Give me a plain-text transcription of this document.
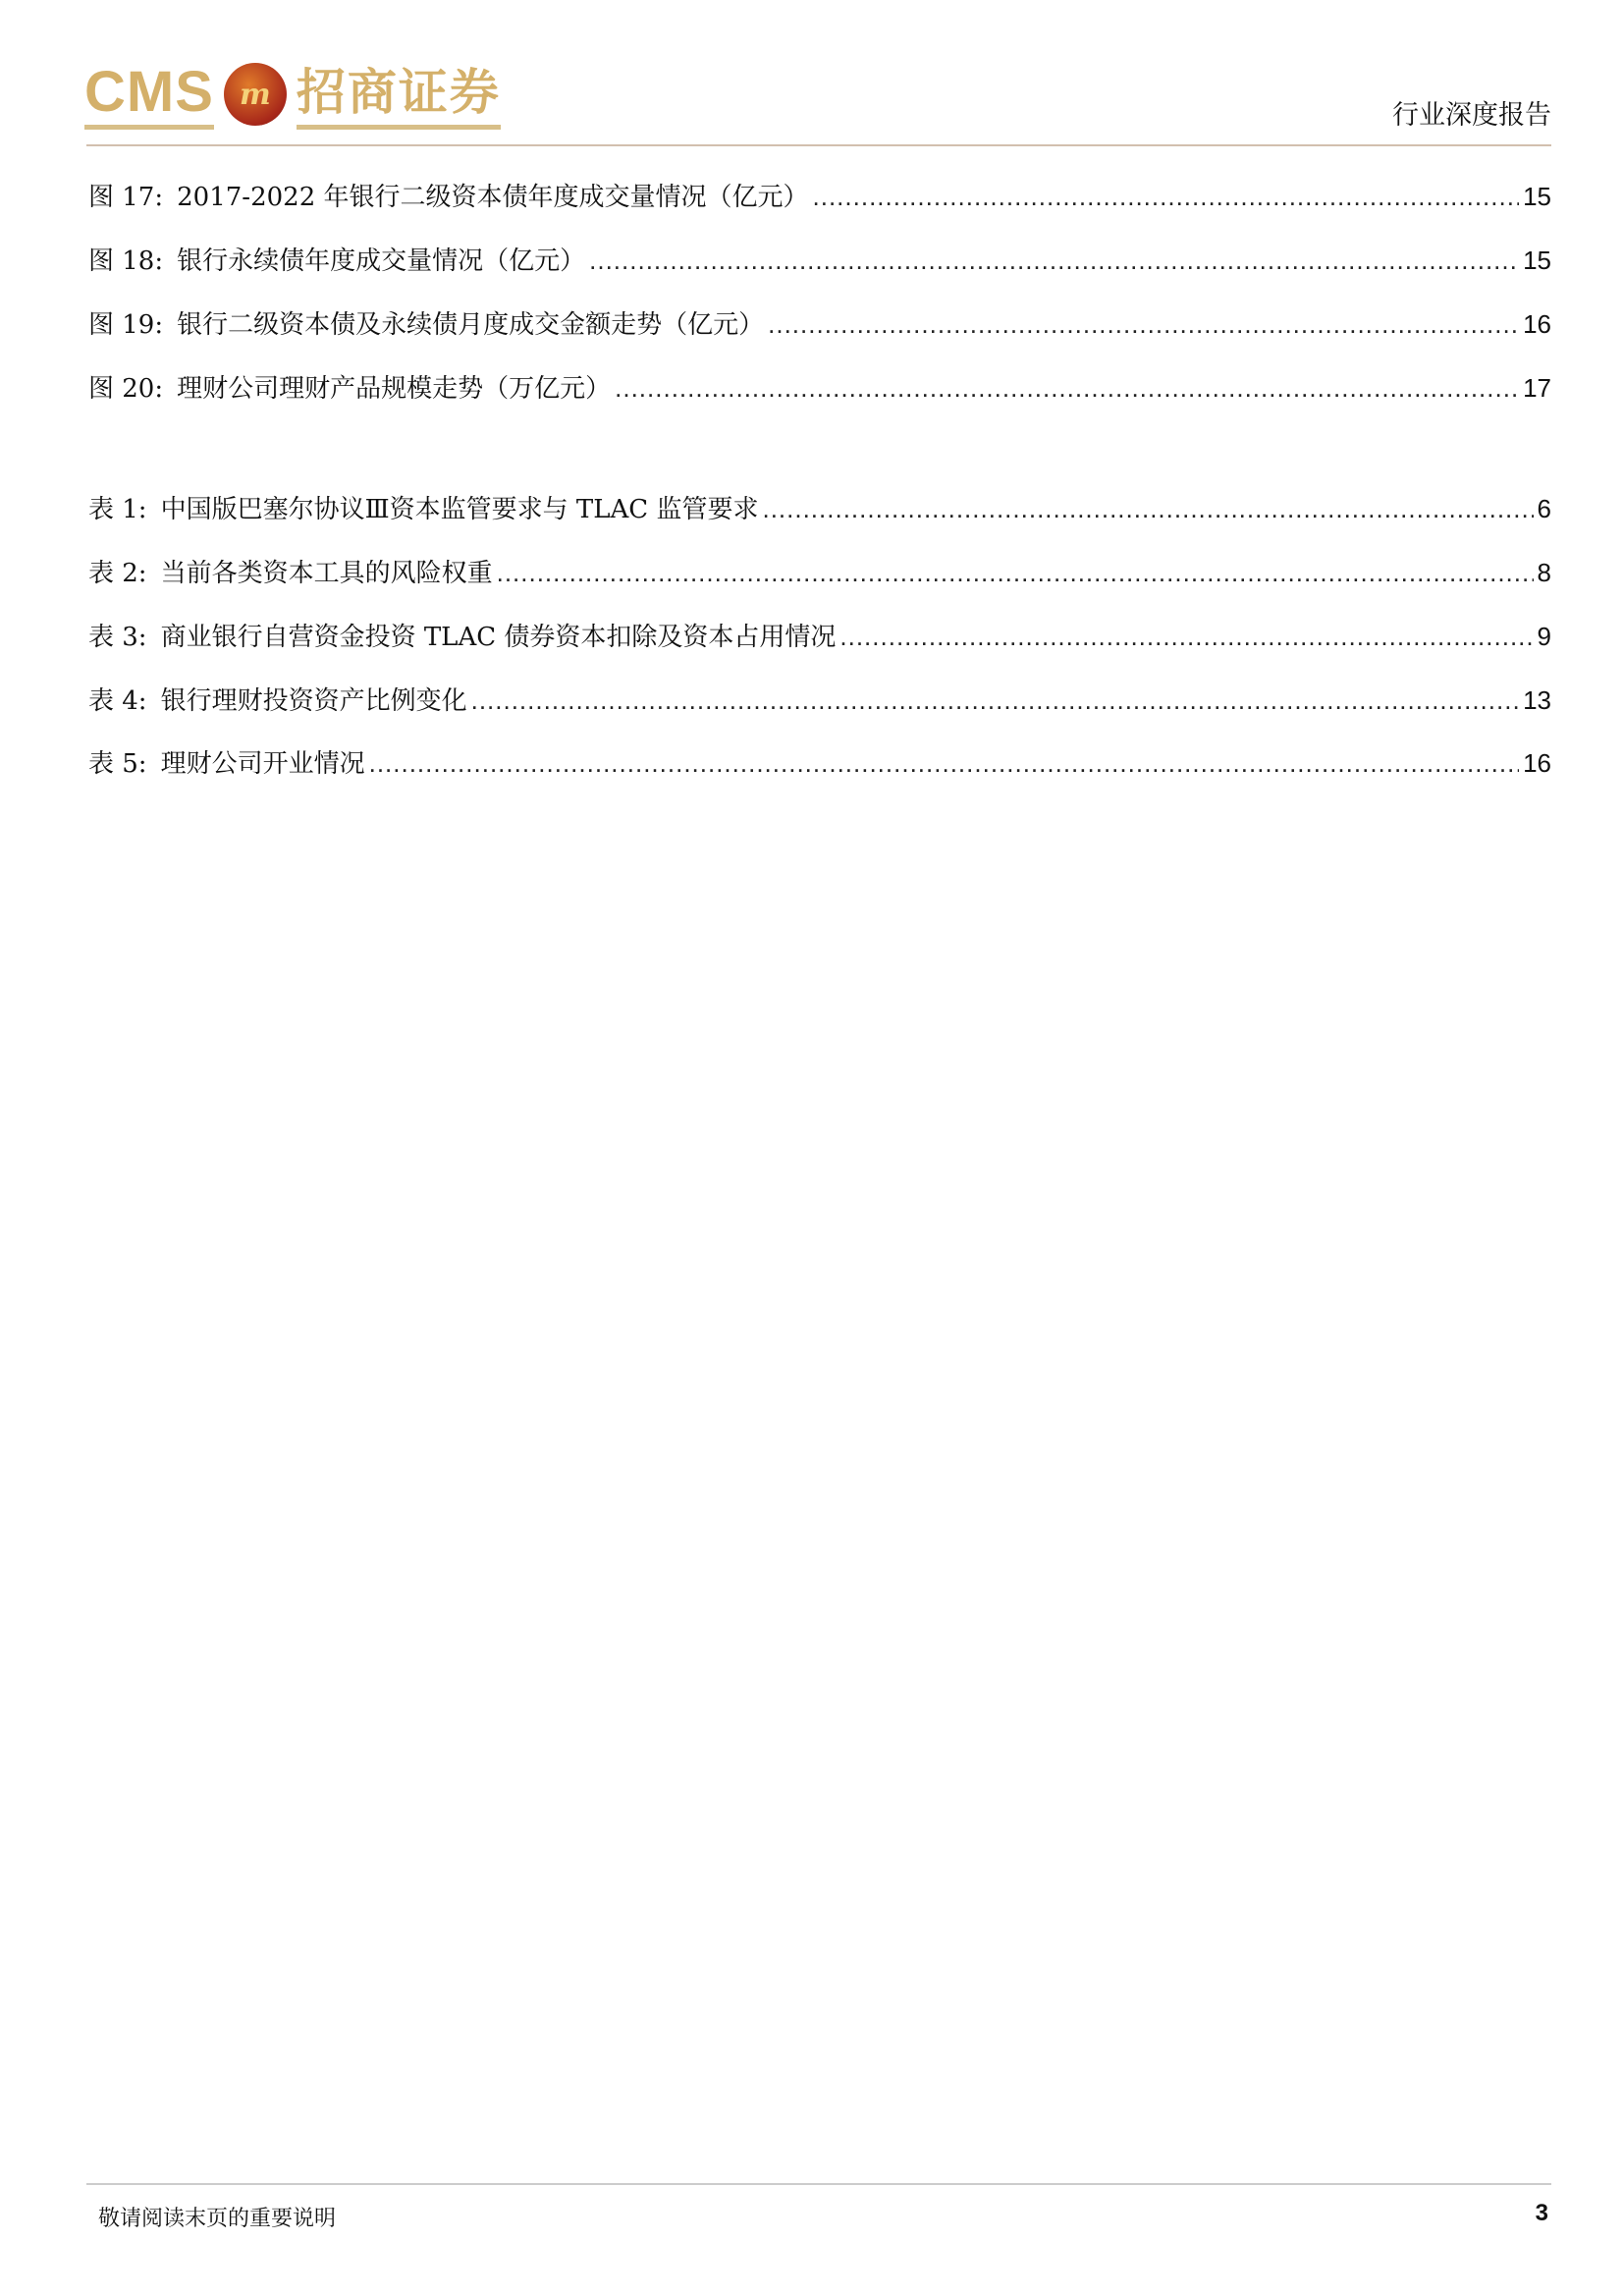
CMS m 招商证券	行业深度报告
图 17: 2017-2022 年银行二级资本债年度成交量情况（亿元） .....	15
图 18: 银行永续债年度成交量情况（亿元） .....	15
图 19: 银行二级资本债及永续债月度成交金额走势（亿元） .....	16
图 20: 理财公司理财产品规模走势（万亿元） .....	17
表 1: 中国版巴塞尔协议Ⅲ资本监管要求与 TLAC 监管要求 .....	6
表 2: 当前各类资本工具的风险权重 .....	8
表 3: 商业银行自营资金投资 TLAC 债券资本扣除及资本占用情况 .....	9
表 4: 银行理财投资资产比例变化 .....	13
表 5: 理财公司开业情况 .....	16
敬请阅读末页的重要说明	3
